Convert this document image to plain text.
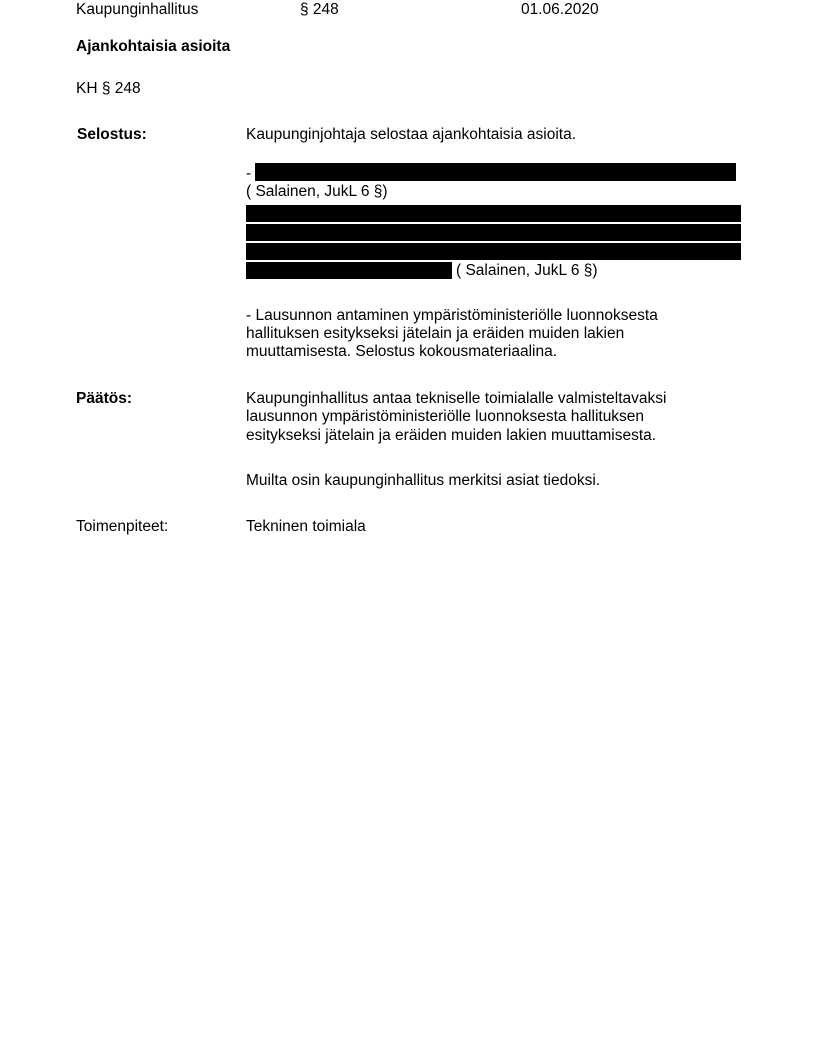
Kaupunginhallitus	§ 248	01.06.2020
Ajankohtaisia asioita
KH § 248
Selostus:	Kaupunginjohtaja selostaa ajankohtaisia asioita.
-
( Salainen, JukL 6 §)
( Salainen, JukL 6 §)
- Lausunnon antaminen ympäristöministeriölle luonnoksesta
hallituksen esitykseksi jätelain ja eräiden muiden lakien
muuttamisesta. Selostus kokousmateriaalina.
Päätös:	Kaupunginhallitus antaa tekniselle toimialalle valmisteltavaksi
lausunnon ympäristöministeriölle luonnoksesta hallituksen
esitykseksi jätelain ja eräiden muiden lakien muuttamisesta.
Muilta osin kaupunginhallitus merkitsi asiat tiedoksi.
Toimenpiteet:	Tekninen toimiala
